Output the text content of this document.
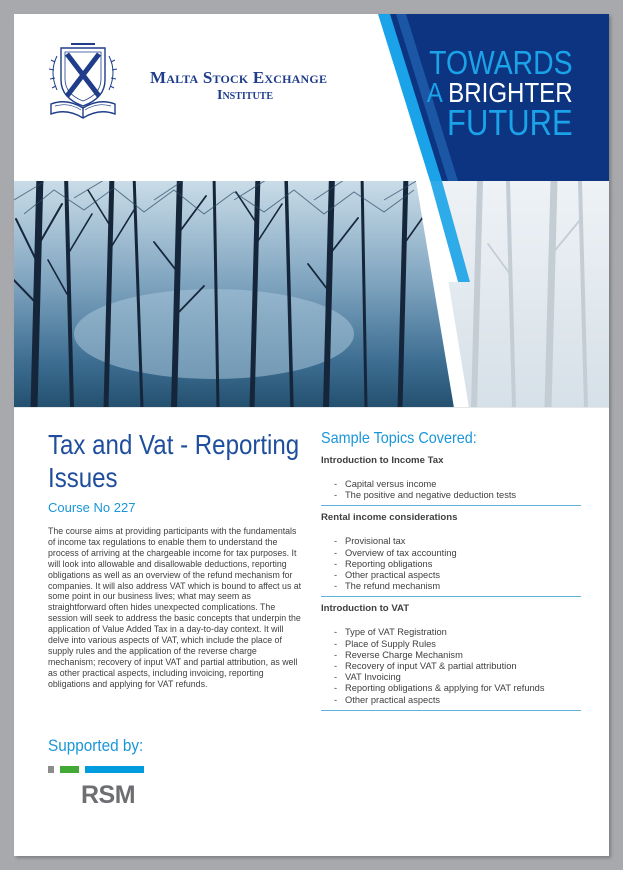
Malta Stock Exchange
Institute
TOWARDS
A BRIGHTER
FUTURE
Tax and Vat - Reporting Issues
Course No 227
The course aims at providing participants with the fundamentals of income tax regulations to enable them to understand the process of arriving at the chargeable income for tax purposes. It will look into allowable and disallowable deductions, reporting obligations as well as an overview of the refund mechanism for companies. It will also address VAT which is bound to affect us at some point in our business lives; what may seem as straightforward often hides unexpected complications. The session will seek to address the basic concepts that underpin the application of Value Added Tax in a day-to-day context. It will delve into various aspects of VAT, which include the place of supply rules and the application of the reverse charge mechanism; recovery of input VAT and partial attribution, as well as other practical aspects, including invoicing, reporting obligations and applying for VAT refunds.
Sample Topics Covered:
Introduction to Income Tax
- Capital versus income
- The positive and negative deduction tests
Rental income considerations
- Provisional tax
- Overview of tax accounting
- Reporting obligations
- Other practical aspects
- The refund mechanism
Introduction to VAT
- Type of VAT Registration
- Place of Supply Rules
- Reverse Charge Mechanism
- Recovery of input VAT & partial attribution
- VAT Invoicing
- Reporting obligations & applying for VAT refunds
- Other practical aspects
Supported by:
RSM
